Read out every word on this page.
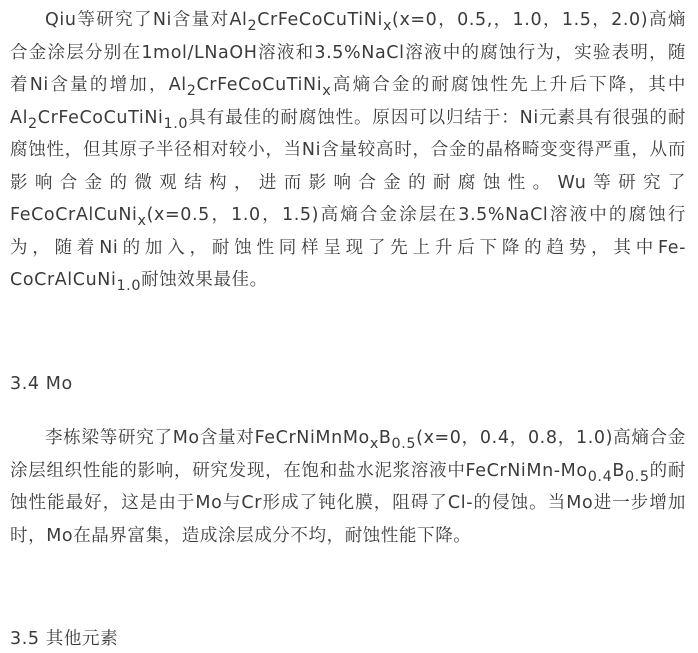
Qiu等研究了Ni含量对$Al_2CrFeCoCuTiNi_x(x=0$，0.5,，1.0，1.5，2.0)高熵合金涂层分别在1mol/LNaOH溶液和3.5%NaCl溶液中的腐蚀行为，实验表明，随着Ni含量的增加，$Al_2CrFeCoCuTiNi_x$高熵合金的耐腐蚀性先上升后下降，其中$Al_2CrFeCoCuTiNi_{1.0}$具有最佳的耐腐蚀性。原因可以归结于：Ni元素具有很强的耐腐蚀性，但其原子半径相对较小，当Ni含量较高时，合金的晶格畸变变得严重，从而影响合金的微观结构，进而影响合金的耐腐蚀性。Wu等研究了FeCoCrAlCuNi$_x$(x=0.5，1.0，1.5)高熵合金涂层在3.5%NaCl溶液中的腐蚀行为，随着Ni的加入，耐蚀性同样呈现了先上升后下降的趋势，其中Fe-CoCrAlCuNi$_{1.0}$耐蚀效果最佳。

3.4 Mo

李栋梁等研究了Mo含量对$FeCrNiMnMo_xB_{0.5}(x=0$，0.4，0.8，1.0)高熵合金涂层组织性能的影响，研究发现，在饱和盐水泥浆溶液中FeCrNiMn-$Mo_{0.4}B_{0.5}$的耐蚀性能最好，这是由于Mo与Cr形成了钝化膜，阻碍了Cl-的侵蚀。当Mo进一步增加时，Mo在晶界富集，造成涂层成分不均，耐蚀性能下降。

3.5 其他元素
